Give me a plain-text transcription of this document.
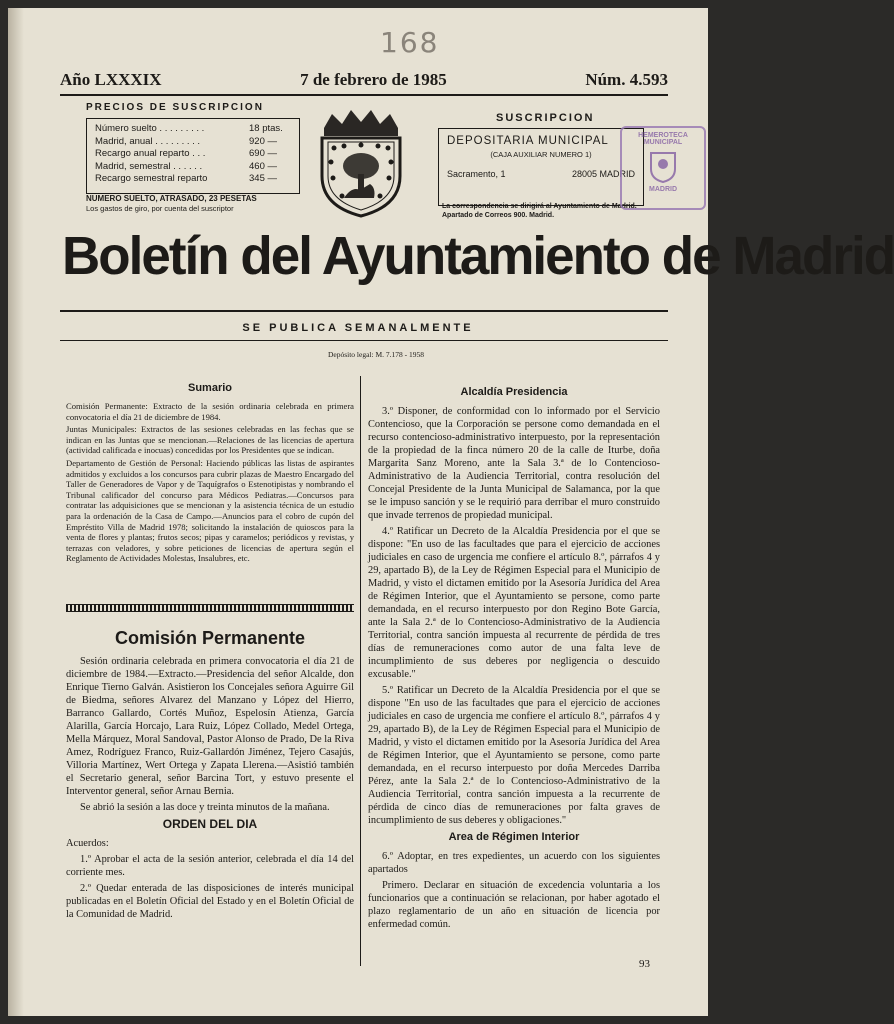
168
Año LXXXIX	7 de febrero de 1985	Núm. 4.593
PRECIOS DE SUSCRIPCION
Número suelto . . . . . . . . .	18 ptas.
Madrid, anual . . . . . . . . .	920 —
Recargo anual reparto . . .	690 —
Madrid, semestral . . . . . .	460 —
Recargo semestral reparto	345 —
NUMERO SUELTO, ATRASADO, 23 PESETAS
Los gastos de giro, por cuenta del suscriptor
SUSCRIPCION
DEPOSITARIA MUNICIPAL
(CAJA AUXILIAR NUMERO 1)
Sacramento, 1	28005 MADRID
La correspondencia se dirigirá al Ayuntamiento de Madrid. Apartado de Correos 900. Madrid.
HEMEROTECA
MUNICIPAL
MADRID
Boletín del Ayuntamiento de Madrid
SE PUBLICA SEMANALMENTE
Depósito legal: M. 7.178 - 1958
Sumario

Comisión Permanente: Extracto de la sesión ordinaria celebrada en primera convocatoria el día 21 de diciembre de 1984.

Juntas Municipales: Extractos de las sesiones celebradas en las fechas que se indican en las Juntas que se mencionan.—Relaciones de las licencias de apertura (actividad calificada e inocuas) concedidas por los Presidentes que se indican.

Departamento de Gestión de Personal: Haciendo públicas las listas de aspirantes admitidos y excluidos a los concursos para cubrir plazas de Maestro Encargado del Taller de Generadores de Vapor y de Taquígrafos o Estenotipistas y nombrando el Tribunal calificador del concurso para Médicos Pediatras.—Concursos para contratar las adquisiciones que se mencionan y la asistencia técnica de un estudio para la ordenación de la Casa de Campo.—Anuncios para el cobro de cupón del Empréstito Villa de Madrid 1978; solicitando la instalación de quioscos para la venta de flores y plantas; frutos secos; pipas y caramelos; periódicos y revistas, y terrazas con veladores, y sobre peticiones de licencias de apertura según el Reglamento de Actividades Molestas, Insalubres, etc.

Comisión Permanente

Sesión ordinaria celebrada en primera convocatoria el día 21 de diciembre de 1984.—Extracto.—Presidencia del señor Alcalde, don Enrique Tierno Galván. Asistieron los Concejales señora Aguirre Gil de Biedma, señores Alvarez del Manzano y López del Hierro, Barranco Gallardo, Cortés Muñoz, Espelosín Atienza, García Alarilla, García Horcajo, Lara Ruiz, López Collado, Medel Ortega, Mella Márquez, Moral Sandoval, Pastor Alonso de Prado, De la Riva Amez, Rodríguez Franco, Ruiz-Gallardón Jiménez, Tejero Casajús, Villoria Martínez, Wert Ortega y Zapata Llerena.—Asistió también el Secretario general, señor Barcina Tort, y estuvo presente el Interventor general, señor Arnau Bernia.

Se abrió la sesión a las doce y treinta minutos de la mañana.

ORDEN DEL DIA

Acuerdos:

1.º Aprobar el acta de la sesión anterior, celebrada el día 14 del corriente mes.

2.º Quedar enterada de las disposiciones de interés municipal publicadas en el Boletín Oficial del Estado y en el Boletín Oficial de la Comunidad de Madrid.

Alcaldía Presidencia

3.º Disponer, de conformidad con lo informado por el Servicio Contencioso, que la Corporación se persone como demandada en el recurso contencioso-administrativo interpuesto, por la representación de la propiedad de la finca número 20 de la calle de Iturbe, doña Margarita Sanz Moreno, ante la Sala 3.ª de lo Contencioso-Administrativo de la Audiencia Territorial, contra resolución del Concejal Presidente de la Junta Municipal de Salamanca, por la que se le impuso sanción y se le requirió para derribar el muro construido que invade terrenos de propiedad municipal.

4.º Ratificar un Decreto de la Alcaldía Presidencia por el que se dispone: "En uso de las facultades que para el ejercicio de acciones judiciales en caso de urgencia me confiere el artículo 8.º, párrafos 4 y 29, apartado B), de la Ley de Régimen Especial para el Municipio de Madrid, y visto el dictamen emitido por la Asesoría Jurídica del Area de Régimen Interior, que el Ayuntamiento se persone, como parte demandada, en el recurso interpuesto por don Regino Bote García, ante la Sala 2.ª de lo Contencioso-Administrativo de la Audiencia Territorial, contra sanción impuesta al recurrente de pérdida de tres días de remuneraciones como autor de una falta leve de incumplimiento de sus deberes por negligencia o descuido excusable."

5.º Ratificar un Decreto de la Alcaldía Presidencia por el que se dispone "En uso de las facultades que para el ejercicio de acciones judiciales en caso de urgencia me confiere el artículo 8.º, párrafos 4 y 29, apartado B), de la Ley de Régimen Especial para el Municipio de Madrid, y visto el dictamen emitido por la Asesoría Jurídica del Area de Régimen Interior, que el Ayuntamiento se persone, como parte demandada, en el recurso interpuesto por doña Mercedes Darriba Pérez, ante la Sala 2.ª de lo Contencioso-Administrativo de la Audiencia Territorial, contra sanción impuesta a la recurrente de pérdida de cinco días de remuneraciones por falta graves de incumplimiento de sus deberes y obligaciones."

Area de Régimen Interior

6.º Adoptar, en tres expedientes, un acuerdo con los siguientes apartados

Primero. Declarar en situación de excedencia voluntaria a los funcionarios que a continuación se relacionan, por haber agotado el plazo reglamentario de un año en situación de licencia por enfermedad común.

93
